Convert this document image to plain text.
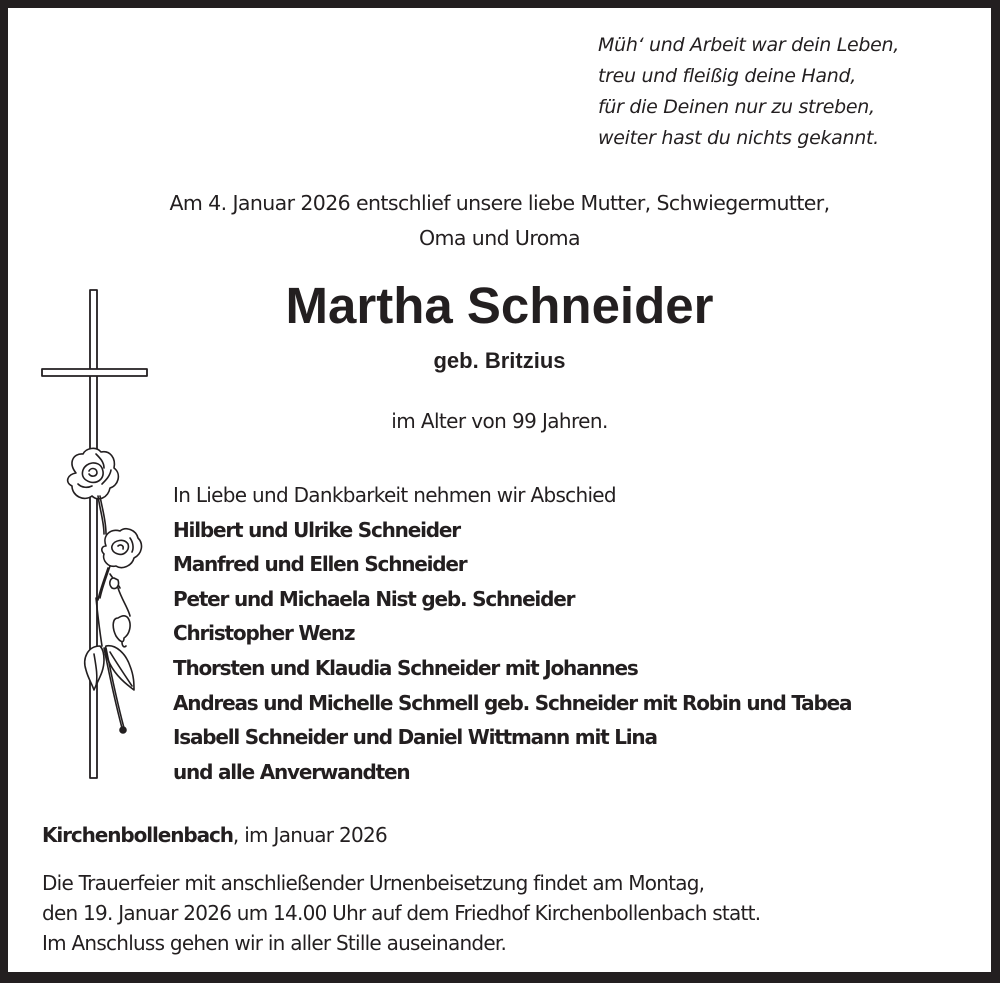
Müh‘ und Arbeit war dein Leben,
treu und fleißig deine Hand,
für die Deinen nur zu streben,
weiter hast du nichts gekannt.
Am 4. Januar 2026 entschlief unsere liebe Mutter, Schwiegermutter,
Oma und Uroma
Martha Schneider
geb. Britzius
im Alter von 99 Jahren.
In Liebe und Dankbarkeit nehmen wir Abschied
Hilbert und Ulrike Schneider
Manfred und Ellen Schneider
Peter und Michaela Nist geb. Schneider
Christopher Wenz
Thorsten und Klaudia Schneider mit Johannes
Andreas und Michelle Schmell geb. Schneider mit Robin und Tabea
Isabell Schneider und Daniel Wittmann mit Lina
und alle Anverwandten
Kirchenbollenbach, im Januar 2026
Die Trauerfeier mit anschließender Urnenbeisetzung findet am Montag,
den 19. Januar 2026 um 14.00 Uhr auf dem Friedhof Kirchenbollenbach statt.
Im Anschluss gehen wir in aller Stille auseinander.
